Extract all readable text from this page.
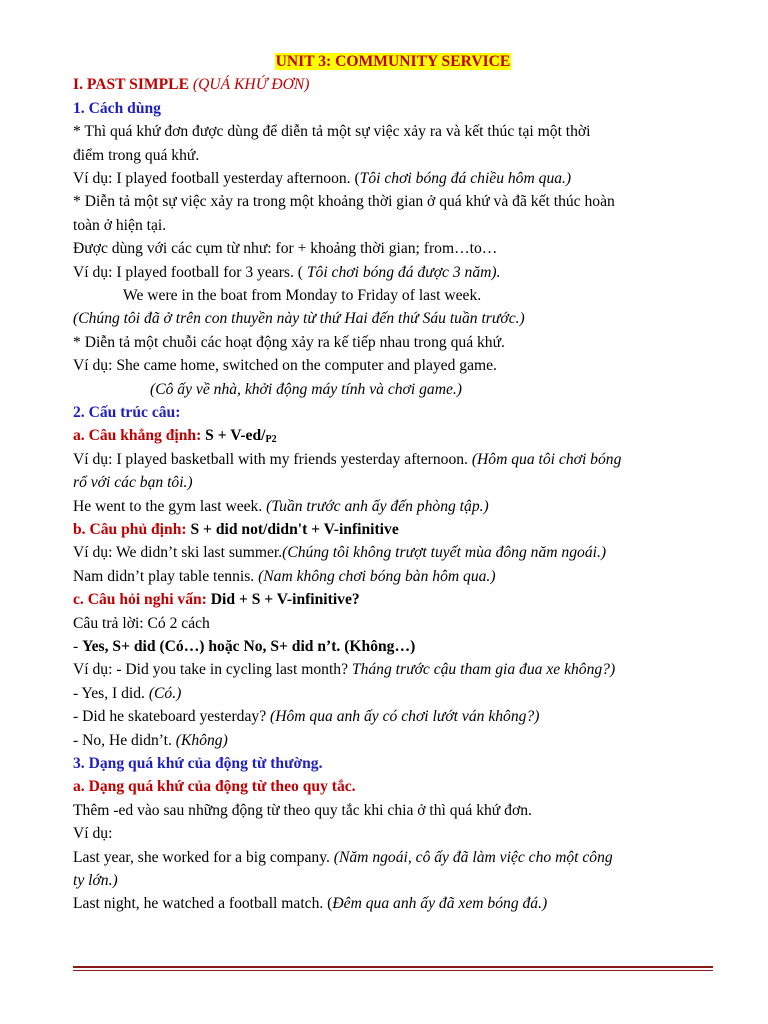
UNIT 3: COMMUNITY SERVICE
I. PAST SIMPLE (QUÁ KHỨ ĐƠN)
1. Cách dùng
* Thì quá khứ đơn được dùng để diễn tả một sự việc xảy ra và kết thúc tại một thời
điểm trong quá khứ.
Ví dụ: I played football yesterday afternoon. (Tôi chơi bóng đá chiều hôm qua.)
* Diễn tả một sự việc xảy ra trong một khoảng thời gian ở quá khứ và đã kết thúc hoàn
toàn ở hiện tại.
Được dùng với các cụm từ như: for + khoảng thời gian; from…to…
Ví dụ: I played football for 3 years. ( Tôi chơi bóng đá được 3 năm).
We were in the boat from Monday to Friday of last week.
(Chúng tôi đã ở trên con thuyền này từ thứ Hai đến thứ Sáu tuần trước.)
* Diễn tả một chuỗi các hoạt động xảy ra kế tiếp nhau trong quá khứ.
Ví dụ: She came home, switched on the computer and played game.
(Cô ấy về nhà, khởi động máy tính và chơi game.)
2. Cấu trúc câu:
a. Câu khẳng định: $S + V-ed/_{P2}$
Ví dụ: I played basketball with my friends yesterday afternoon. (Hôm qua tôi chơi bóng
rổ với các bạn tôi.)
He went to the gym last week. (Tuần trước anh ấy đến phòng tập.)
b. Câu phủ định: S + did not/didn't + V-infinitive
Ví dụ: We didn’t ski last summer.(Chúng tôi không trượt tuyết mùa đông năm ngoái.)
Nam didn’t play table tennis. (Nam không chơi bóng bàn hôm qua.)
c. Câu hỏi nghi vấn: Did + S + V-infinitive?
Câu trả lời: Có 2 cách
- Yes, S+ did (Có…) hoặc No, S+ did n’t. (Không…)
Ví dụ: - Did you take in cycling last month? Tháng trước cậu tham gia đua xe không?)
- Yes, I did. (Có.)
- Did he skateboard yesterday? (Hôm qua anh ấy có chơi lướt ván không?)
- No, He didn’t. (Không)
3. Dạng quá khứ của động từ thường.
a. Dạng quá khứ của động từ theo quy tắc.
Thêm -ed vào sau những động từ theo quy tắc khi chia ở thì quá khứ đơn.
Ví dụ:
Last year, she worked for a big company. (Năm ngoái, cô ấy đã làm việc cho một công
ty lớn.)
Last night, he watched a football match. (Đêm qua anh ấy đã xem bóng đá.)
